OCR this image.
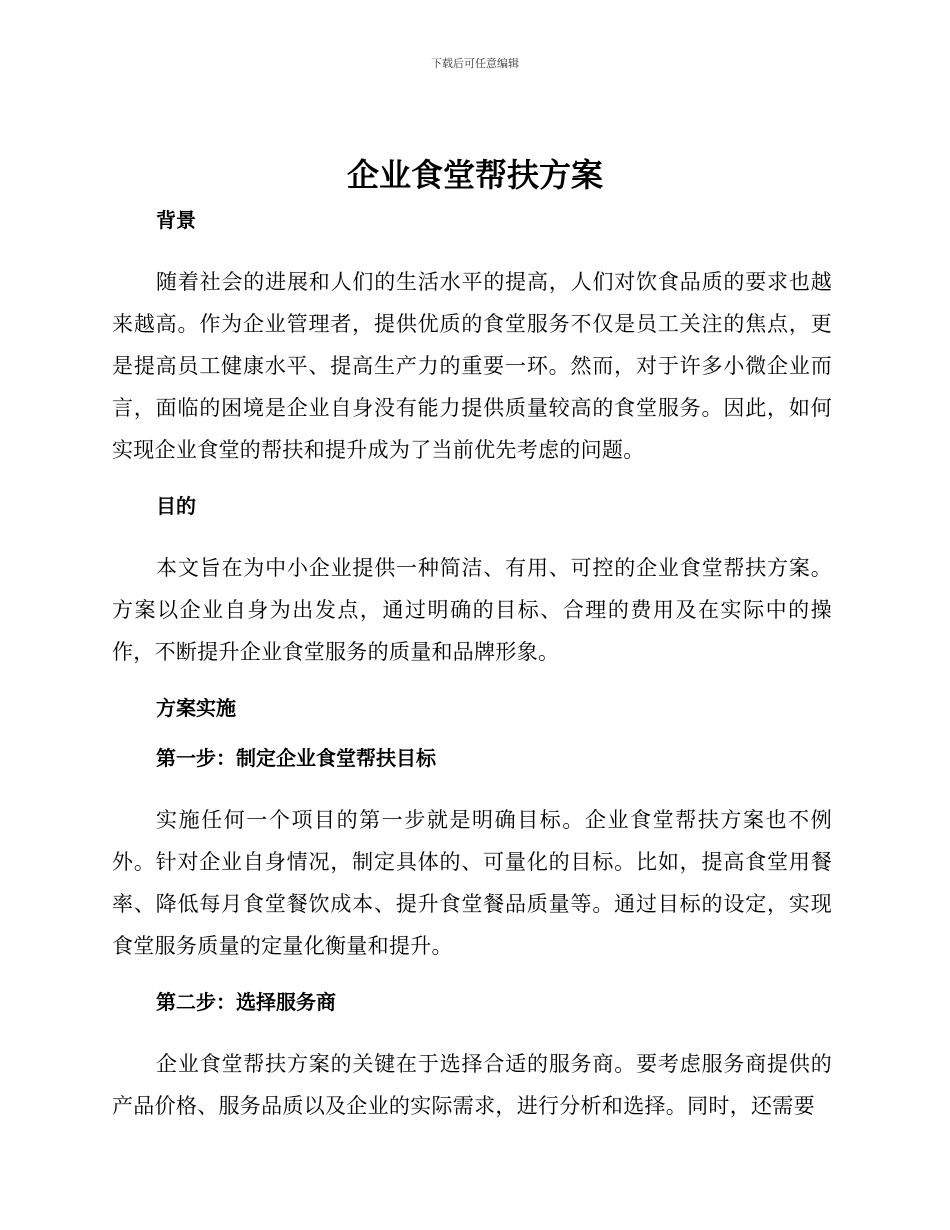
下载后可任意编辑
企业食堂帮扶方案
背景

随着社会的进展和人们的生活水平的提高，人们对饮食品质的要求也越来越高。作为企业管理者，提供优质的食堂服务不仅是员工关注的焦点，更是提高员工健康水平、提高生产力的重要一环。然而，对于许多小微企业而言，面临的困境是企业自身没有能力提供质量较高的食堂服务。因此，如何实现企业食堂的帮扶和提升成为了当前优先考虑的问题。

目的

本文旨在为中小企业提供一种简洁、有用、可控的企业食堂帮扶方案。方案以企业自身为出发点，通过明确的目标、合理的费用及在实际中的操作，不断提升企业食堂服务的质量和品牌形象。

方案实施
第一步：制定企业食堂帮扶目标

实施任何一个项目的第一步就是明确目标。企业食堂帮扶方案也不例外。针对企业自身情况，制定具体的、可量化的目标。比如，提高食堂用餐率、降低每月食堂餐饮成本、提升食堂餐品质量等。通过目标的设定，实现食堂服务质量的定量化衡量和提升。

第二步：选择服务商

企业食堂帮扶方案的关键在于选择合适的服务商。要考虑服务商提供的产品价格、服务品质以及企业的实际需求，进行分析和选择。同时，还需要
